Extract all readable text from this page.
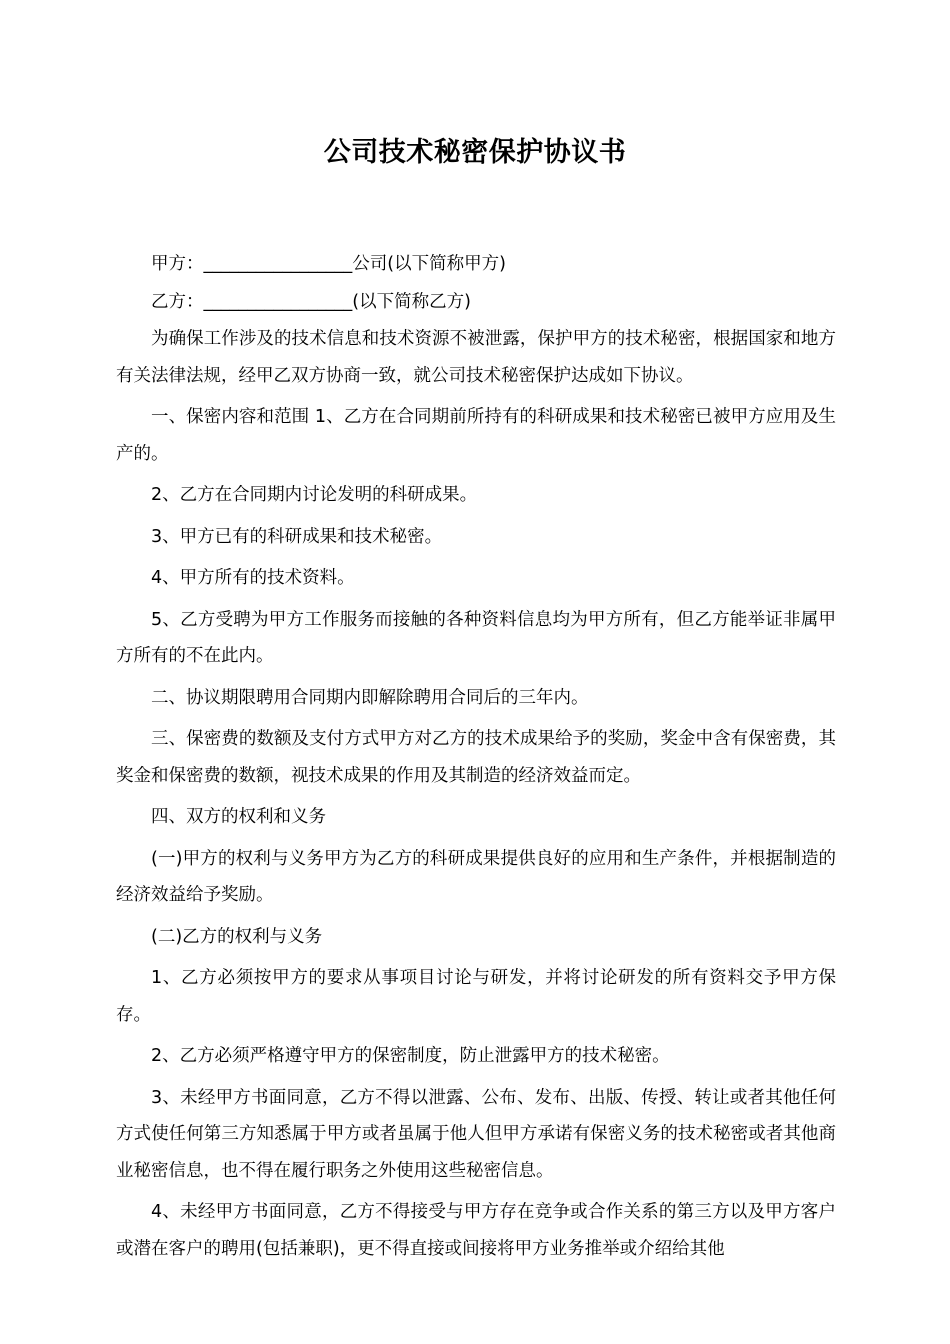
公司技术秘密保护协议书

甲方：_________________公司(以下简称甲方)

乙方：_________________(以下简称乙方)

为确保工作涉及的技术信息和技术资源不被泄露，保护甲方的技术秘密，根据国家和地方有关法律法规，经甲乙双方协商一致，就公司技术秘密保护达成如下协议。

一、保密内容和范围 1、乙方在合同期前所持有的科研成果和技术秘密已被甲方应用及生产的。

2、乙方在合同期内讨论发明的科研成果。

3、甲方已有的科研成果和技术秘密。

4、甲方所有的技术资料。

5、乙方受聘为甲方工作服务而接触的各种资料信息均为甲方所有，但乙方能举证非属甲方所有的不在此内。

二、协议期限聘用合同期内即解除聘用合同后的三年内。

三、保密费的数额及支付方式甲方对乙方的技术成果给予的奖励，奖金中含有保密费，其奖金和保密费的数额，视技术成果的作用及其制造的经济效益而定。

四、双方的权利和义务

(一)甲方的权利与义务甲方为乙方的科研成果提供良好的应用和生产条件，并根据制造的经济效益给予奖励。

(二)乙方的权利与义务

1、乙方必须按甲方的要求从事项目讨论与研发，并将讨论研发的所有资料交予甲方保存。

2、乙方必须严格遵守甲方的保密制度，防止泄露甲方的技术秘密。

3、未经甲方书面同意，乙方不得以泄露、公布、发布、出版、传授、转让或者其他任何方式使任何第三方知悉属于甲方或者虽属于他人但甲方承诺有保密义务的技术秘密或者其他商业秘密信息，也不得在履行职务之外使用这些秘密信息。

4、未经甲方书面同意，乙方不得接受与甲方存在竞争或合作关系的第三方以及甲方客户或潜在客户的聘用(包括兼职)，更不得直接或间接将甲方业务推举或介绍给其他
